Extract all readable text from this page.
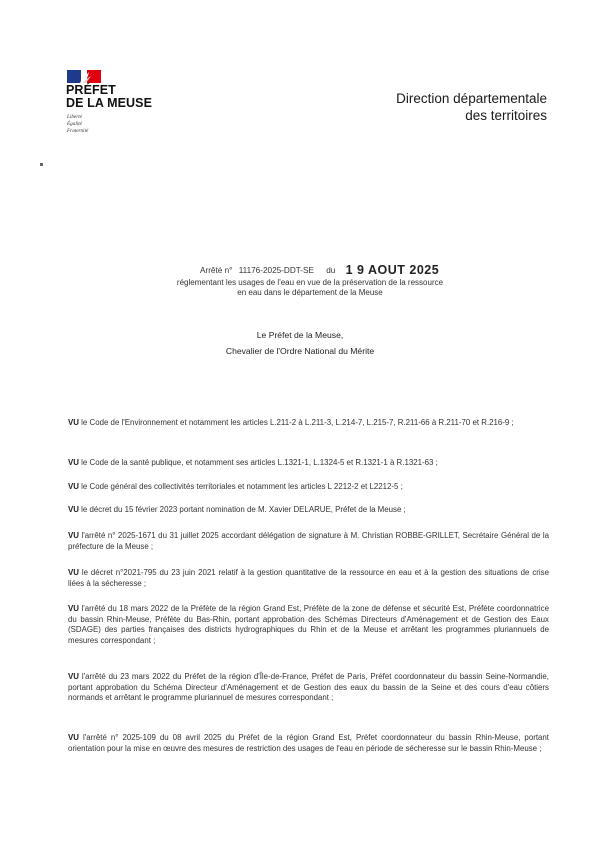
PRÉFET
DE LA MEUSE
Liberté
Égalité
Fraternité
Direction départementale
des territoires
Arrêté n° 11176-2025-DDT-SE du 1 9 AOUT 2025
réglementant les usages de l'eau en vue de la préservation de la ressource
en eau dans le département de la Meuse
Le Préfet de la Meuse,
Chevalier de l'Ordre National du Mérite

VU le Code de l'Environnement et notamment les articles L.211-2 à L.211-3, L.214-7, L.215-7, R.211-66 à R.211-70 et R.216-9 ;

VU le Code de la santé publique, et notamment ses articles L.1321-1, L.1324-5 et R.1321-1 à R.1321-63 ;

VU le Code général des collectivités territoriales et notamment les articles L 2212-2 et L2212-5 ;

VU le décret du 15 février 2023 portant nomination de M. Xavier DELARUE, Préfet de la Meuse ;

VU l'arrêté n° 2025-1671 du 31 juillet 2025 accordant délégation de signature à M. Christian ROBBE-GRILLET, Secrétaire Général de la préfecture de la Meuse ;

VU le décret n°2021-795 du 23 juin 2021 relatif à la gestion quantitative de la ressource en eau et à la gestion des situations de crise liées à la sécheresse ;

VU l'arrêté du 18 mars 2022 de la Préfète de la région Grand Est, Préfète de la zone de défense et sécurité Est, Préfète coordonnatrice du bassin Rhin-Meuse, Préfète du Bas-Rhin, portant approbation des Schémas Directeurs d'Aménagement et de Gestion des Eaux (SDAGE) des parties françaises des districts hydrographiques du Rhin et de la Meuse et arrêtant les programmes pluriannuels de mesures correspondant ;

VU l'arrêté du 23 mars 2022 du Préfet de la région d'Île-de-France, Préfet de Paris, Préfet coordonnateur du bassin Seine-Normandie, portant approbation du Schéma Directeur d'Aménagement et de Gestion des eaux du bassin de la Seine et des cours d'eau côtiers normands et arrêtant le programme pluriannuel de mesures correspondant ;

VU l'arrêté n° 2025-109 du 08 avril 2025 du Préfet de la région Grand Est, Préfet coordonnateur du bassin Rhin-Meuse, portant orientation pour la mise en œuvre des mesures de restriction des usages de l'eau en période de sécheresse sur le bassin Rhin-Meuse ;
